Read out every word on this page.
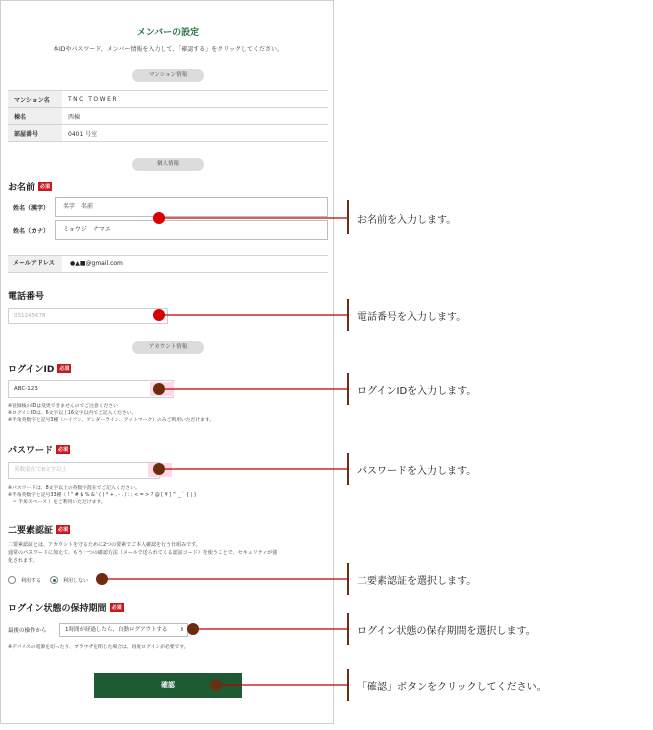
メンバーの設定
本IDやパスワード、メンバー情報を入力して、「確認する」をクリックしてください。
マンション情報
マンション名	TNC TOWER
棟名	西棟
部屋番号	0401 号室
個人情報
お名前 必須
姓名（漢字）	名字　名前
姓名（カナ）	ミョウジ　ナマエ
メールアドレス	●▲■@gmail.com
電話番号
031245678
アカウント情報
ログインID 必須
ABC-123
※登録後のIDは変更できませんのでご注意ください
※ログインIDは、6文字以上16文字以内でご記入ください。
※半角英数字と記号3種（ハイフン、アンダーライン、アットマーク）のみご利用いただけます。
パスワード 必須
英数混在で8文字以上
※パスワードは、8文字以上の英数字混在でご記入ください。
※半角英数字と記号33種（ ! " # $ % & ' ( ) * + , - . / : ; < = > ? @ [ ¥ ] ^ _ ` { | }
　~ 半角スペース ）をご利用いただけます。
二要素認証 必須
二要素認証とは、アカウントを守るために2つの要素でご本人確認を行う仕組みです。
通常のパスワードに加えて、もう一つの確認方法（メールで送られてくる認証コード）を使うことで、セキュリティが強
化されます。
利用する	利用しない
ログイン状態の保持期間 必須
最後の操作から	1時間が経過したら、自動ログアウトする ⇕
※デバイスの電源を切ったり、ブラウザを閉じた場合は、再度ログインが必要です。
確認
お名前を入力します。
電話番号を入力します。
ログインIDを入力します。
パスワードを入力します。
二要素認証を選択します。
ログイン状態の保存期間を選択します。
「確認」ボタンをクリックしてください。
